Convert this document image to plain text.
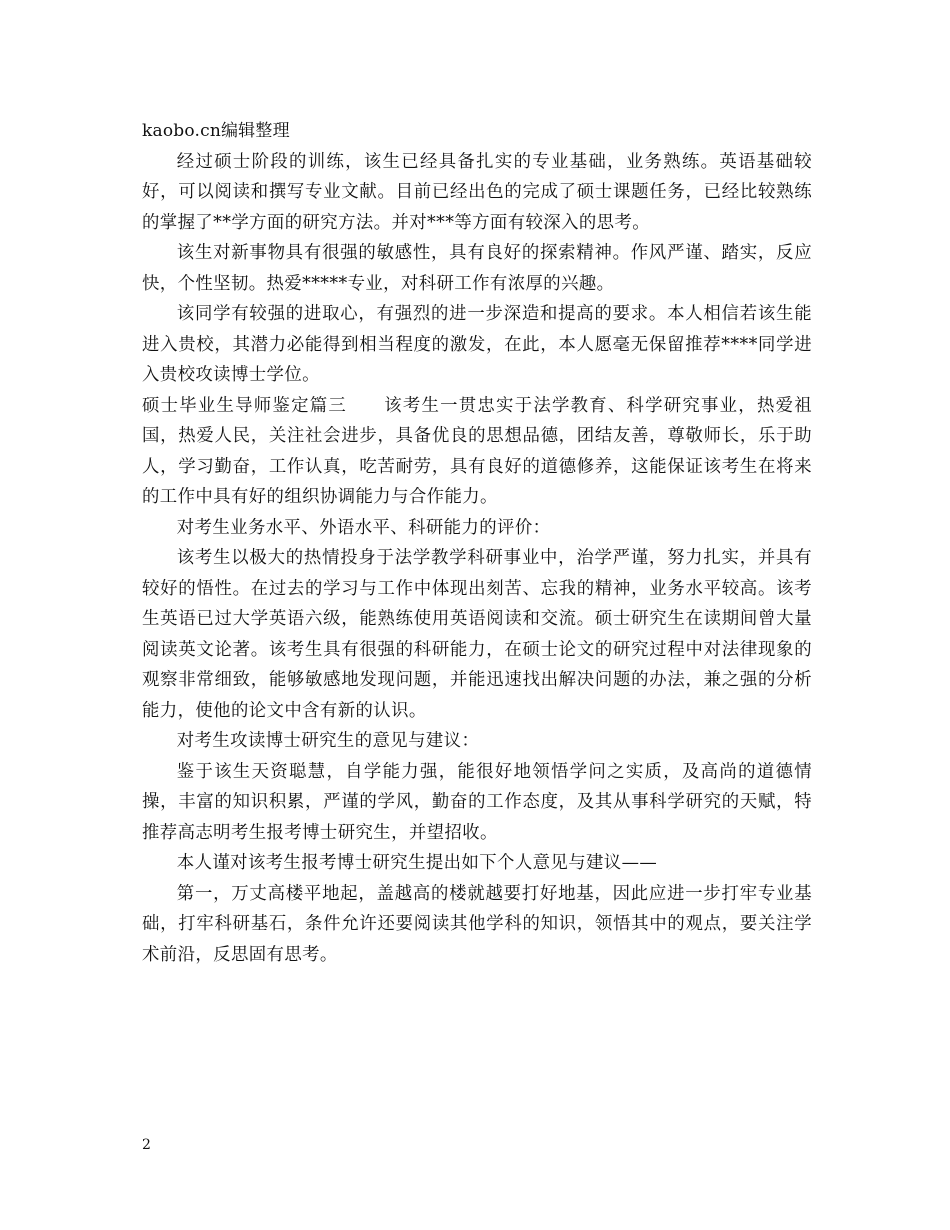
kaobo.cn编辑整理

经过硕士阶段的训练，该生已经具备扎实的专业基础，业务熟练。英语基础较好，可以阅读和撰写专业文献。目前已经出色的完成了硕士课题任务，已经比较熟练的掌握了**学方面的研究方法。并对***等方面有较深入的思考。

该生对新事物具有很强的敏感性，具有良好的探索精神。作风严谨、踏实，反应快，个性坚韧。热爱*****专业，对科研工作有浓厚的兴趣。

该同学有较强的进取心，有强烈的进一步深造和提高的要求。本人相信若该生能进入贵校，其潜力必能得到相当程度的激发，在此，本人愿毫无保留推荐****同学进入贵校攻读博士学位。

硕士毕业生导师鉴定篇三　　该考生一贯忠实于法学教育、科学研究事业，热爱祖国，热爱人民，关注社会进步，具备优良的思想品德，团结友善，尊敬师长，乐于助人，学习勤奋，工作认真，吃苦耐劳，具有良好的道德修养，这能保证该考生在将来的工作中具有好的组织协调能力与合作能力。

对考生业务水平、外语水平、科研能力的评价：

该考生以极大的热情投身于法学教学科研事业中，治学严谨，努力扎实，并具有较好的悟性。在过去的学习与工作中体现出刻苦、忘我的精神，业务水平较高。该考生英语已过大学英语六级，能熟练使用英语阅读和交流。硕士研究生在读期间曾大量阅读英文论著。该考生具有很强的科研能力，在硕士论文的研究过程中对法律现象的观察非常细致，能够敏感地发现问题，并能迅速找出解决问题的办法，兼之强的分析能力，使他的论文中含有新的认识。

对考生攻读博士研究生的意见与建议：

鉴于该生天资聪慧，自学能力强，能很好地领悟学问之实质，及高尚的道德情操，丰富的知识积累，严谨的学风，勤奋的工作态度，及其从事科学研究的天赋，特推荐高志明考生报考博士研究生，并望招收。

本人谨对该考生报考博士研究生提出如下个人意见与建议——

第一，万丈高楼平地起，盖越高的楼就越要打好地基，因此应进一步打牢专业基础，打牢科研基石，条件允许还要阅读其他学科的知识，领悟其中的观点，要关注学术前沿，反思固有思考。

2
